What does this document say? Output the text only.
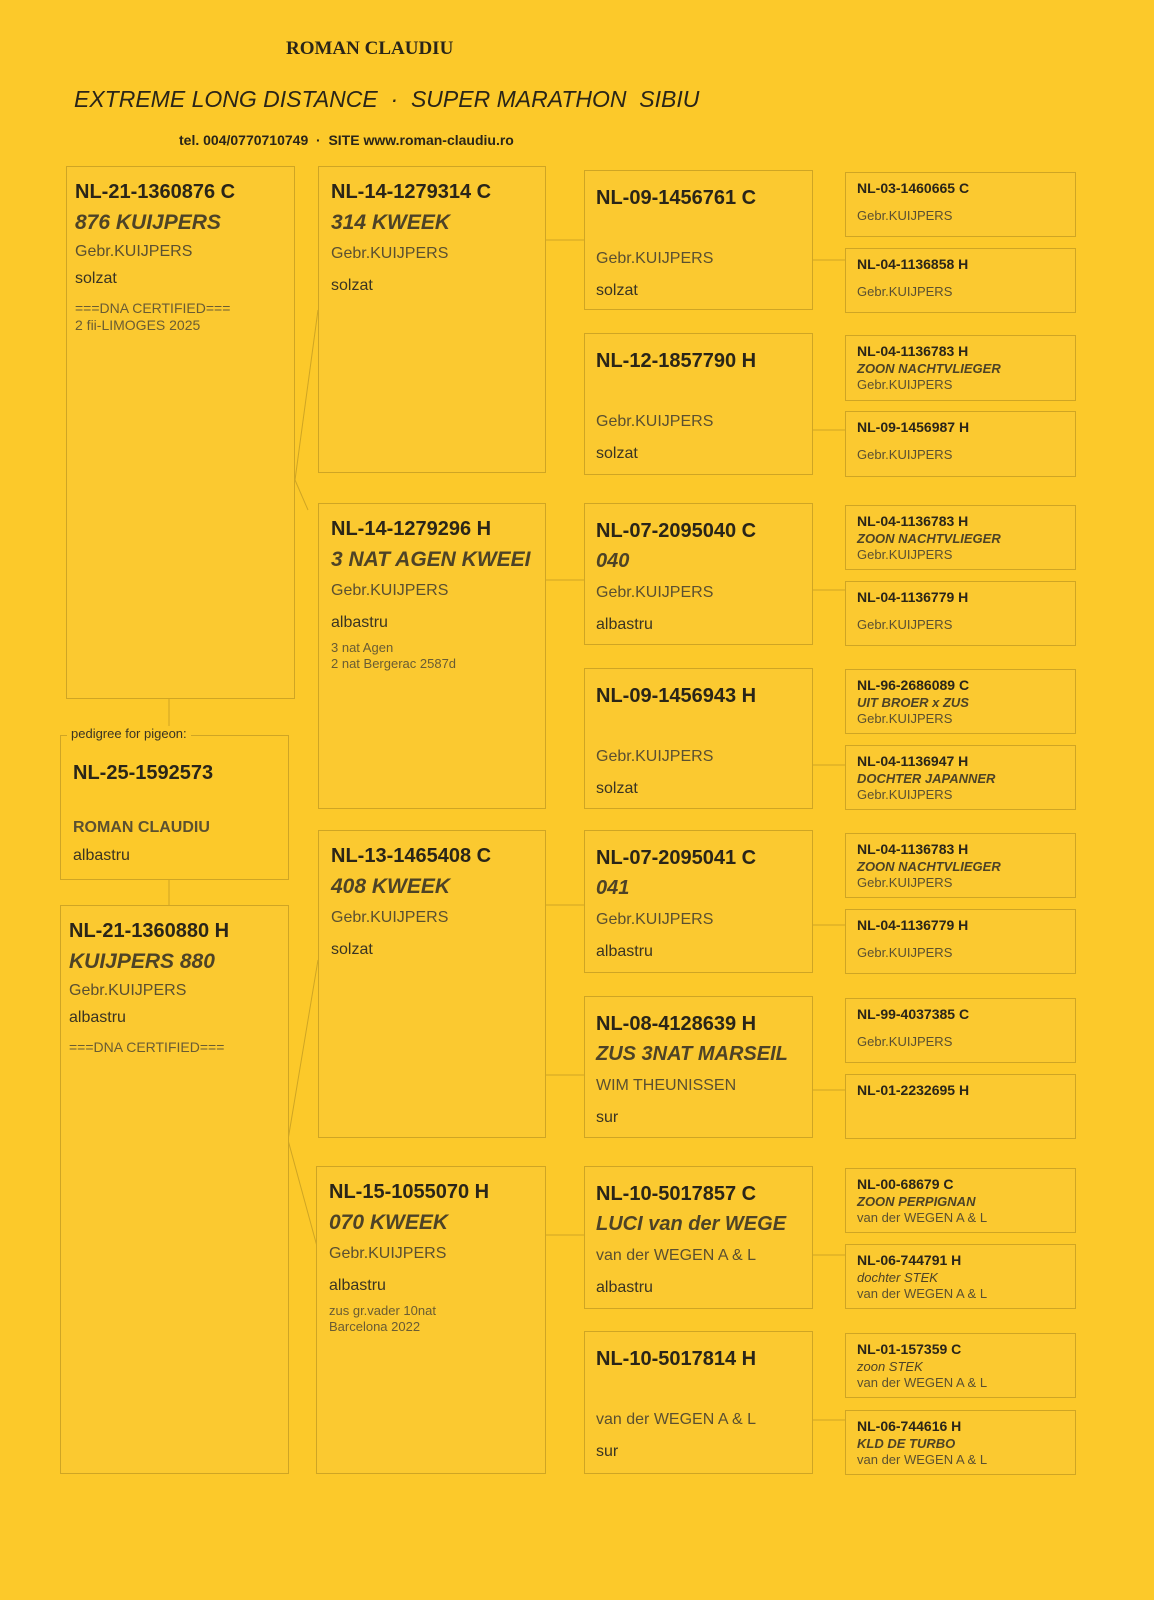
ROMAN CLAUDIU
EXTREME LONG DISTANCE  ·  SUPER MARATHON  SIBIU
tel. 004/0770710749  ·  SITE www.roman-claudiu.ro
NL-21-1360876 C
876 KUIJPERS
Gebr.KUIJPERS
solzat
===DNA CERTIFIED===
2 fii-LIMOGES 2025
pedigree for pigeon:
NL-25-1592573
ROMAN CLAUDIU
albastru
NL-21-1360880 H
KUIJPERS 880
Gebr.KUIJPERS
albastru
===DNA CERTIFIED===
NL-14-1279314 C
314 KWEEK
Gebr.KUIJPERS
solzat
NL-14-1279296 H
3 NAT AGEN KWEEI
Gebr.KUIJPERS
albastru
3 nat Agen
2 nat Bergerac 2587d
NL-13-1465408 C
408 KWEEK
Gebr.KUIJPERS
solzat
NL-15-1055070 H
070 KWEEK
Gebr.KUIJPERS
albastru
zus gr.vader 10nat
Barcelona 2022
NL-09-1456761 C
Gebr.KUIJPERS
solzat
NL-12-1857790 H
Gebr.KUIJPERS
solzat
NL-07-2095040 C
040
Gebr.KUIJPERS
albastru
NL-09-1456943 H
Gebr.KUIJPERS
solzat
NL-07-2095041 C
041
Gebr.KUIJPERS
albastru
NL-08-4128639 H
ZUS 3NAT MARSEIL
WIM THEUNISSEN
sur
NL-10-5017857 C
LUCI van der WEGE
van der WEGEN A & L
albastru
NL-10-5017814 H
van der WEGEN A & L
sur
NL-03-1460665 C
Gebr.KUIJPERS
NL-04-1136858 H
Gebr.KUIJPERS
NL-04-1136783 H
ZOON NACHTVLIEGER
Gebr.KUIJPERS
NL-09-1456987 H
Gebr.KUIJPERS
NL-04-1136783 H
ZOON NACHTVLIEGER
Gebr.KUIJPERS
NL-04-1136779 H
Gebr.KUIJPERS
NL-96-2686089 C
UIT BROER x ZUS
Gebr.KUIJPERS
NL-04-1136947 H
DOCHTER JAPANNER
Gebr.KUIJPERS
NL-04-1136783 H
ZOON NACHTVLIEGER
Gebr.KUIJPERS
NL-04-1136779 H
Gebr.KUIJPERS
NL-99-4037385 C
Gebr.KUIJPERS
NL-01-2232695 H
NL-00-68679 C
ZOON PERPIGNAN
van der WEGEN A & L
NL-06-744791 H
dochter STEK
van der WEGEN A & L
NL-01-157359 C
zoon STEK
van der WEGEN A & L
NL-06-744616 H
KLD DE TURBO
van der WEGEN A & L
